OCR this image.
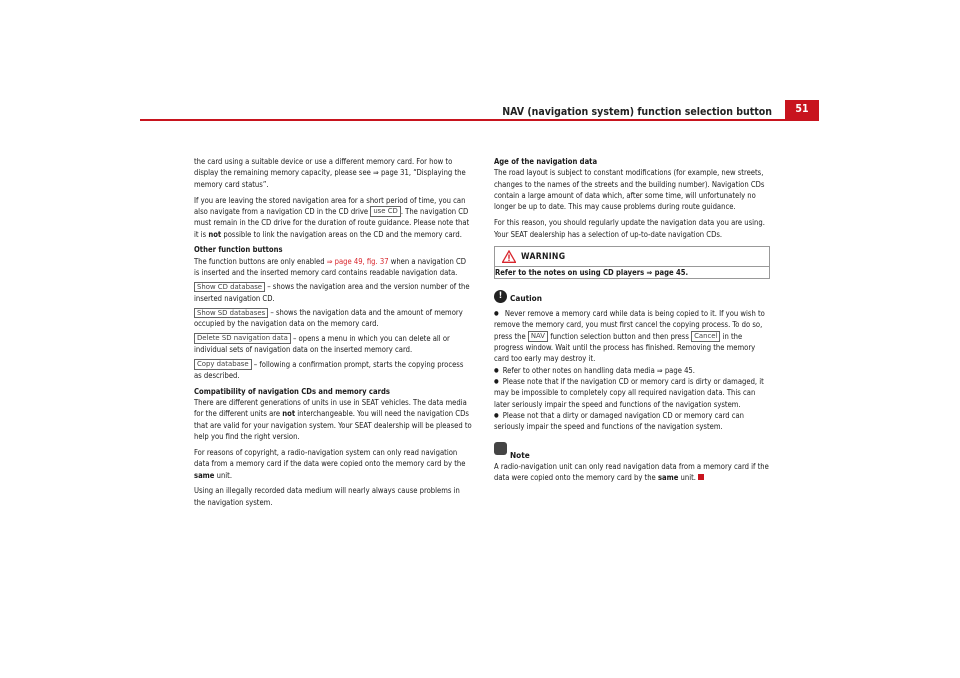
NAV (navigation system) function selection button	51

the card using a suitable device or use a different memory card. For how to display the remaining memory capacity, please see ⇒ page 31, “Displaying the memory card status”.

If you are leaving the stored navigation area for a short period of time, you can also navigate from a navigation CD in the CD drive use CD . The navigation CD must remain in the CD drive for the duration of route guidance. Please note that it is not possible to link the navigation areas on the CD and the memory card.

Other function buttons

The function buttons are only enabled ⇒ page 49, fig. 37 when a navigation CD is inserted and the inserted memory card contains readable navigation data.

Show CD database – shows the navigation area and the version number of the inserted navigation CD.

Show SD databases – shows the navigation data and the amount of memory occupied by the navigation data on the memory card.

Delete SD navigation data – opens a menu in which you can delete all or individual sets of navigation data on the inserted memory card.

Copy database – following a confirmation prompt, starts the copying process as described.

Compatibility of navigation CDs and memory cards

There are different generations of units in use in SEAT vehicles. The data media for the different units are not interchangeable. You will need the navigation CDs that are valid for your navigation system. Your SEAT dealership will be pleased to help you find the right version.

For reasons of copyright, a radio-navigation system can only read navigation data from a memory card if the data were copied onto the memory card by the same unit.

Using an illegally recorded data medium will nearly always cause problems in the navigation system.

Age of the navigation data

The road layout is subject to constant modifications (for example, new streets, changes to the names of the streets and the building number). Navigation CDs contain a large amount of data which, after some time, will unfortunately no longer be up to date. This may cause problems during route guidance.

For this reason, you should regularly update the navigation data you are using. Your SEAT dealership has a selection of up-to-date navigation CDs.

WARNING
Refer to the notes on using CD players ⇒ page 45.

! Caution

● Never remove a memory card while data is being copied to it. If you wish to remove the memory card, you must first cancel the copying process. To do so, press the NAV function selection button and then press Cancel in the progress window. Wait until the process has finished. Removing the memory card too early may destroy it.

● Refer to other notes on handling data media ⇒ page 45.

● Please note that if the navigation CD or memory card is dirty or damaged, it may be impossible to completely copy all required navigation data. This can later seriously impair the speed and functions of the navigation system.

● Please not that a dirty or damaged navigation CD or memory card can seriously impair the speed and functions of the navigation system.

Note

A radio-navigation unit can only read navigation data from a memory card if the data were copied onto the memory card by the same unit.
